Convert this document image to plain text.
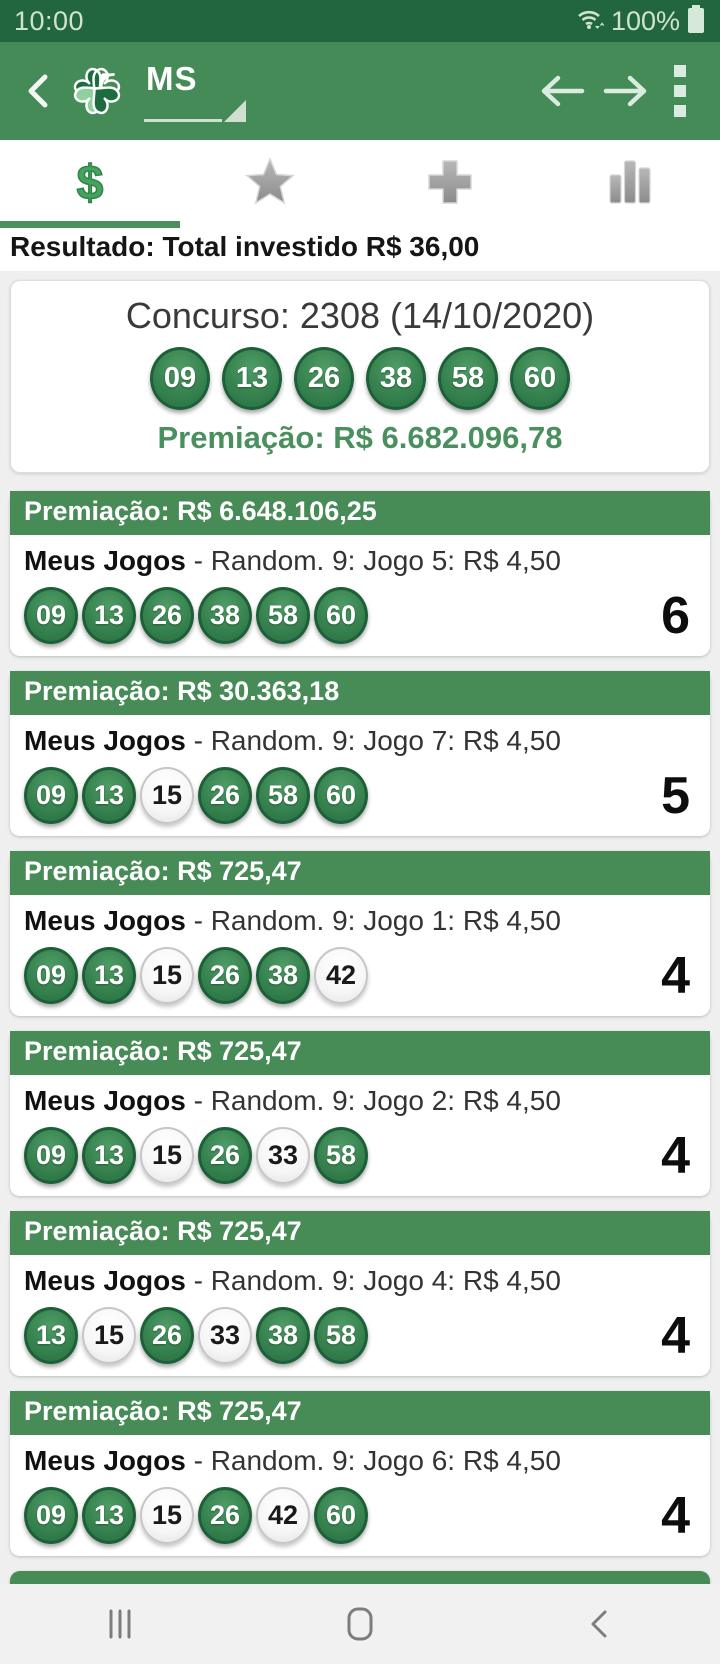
10:00	100%
MS
$
Resultado: Total investido R$ 36,00
Concurso: 2308 (14/10/2020)
09	13	26	38	58	60
Premiação: R$ 6.682.096,78
Premiação: R$ 6.648.106,25
Meus Jogos - Random. 9: Jogo 5: R$ 4,50
09	13	26	38	58	60	6
Premiação: R$ 30.363,18
Meus Jogos - Random. 9: Jogo 7: R$ 4,50
09	13	15	26	58	60	5
Premiação: R$ 725,47
Meus Jogos - Random. 9: Jogo 1: R$ 4,50
09	13	15	26	38	42	4
Premiação: R$ 725,47
Meus Jogos - Random. 9: Jogo 2: R$ 4,50
09	13	15	26	33	58	4
Premiação: R$ 725,47
Meus Jogos - Random. 9: Jogo 4: R$ 4,50
13	15	26	33	38	58	4
Premiação: R$ 725,47
Meus Jogos - Random. 9: Jogo 6: R$ 4,50
09	13	15	26	42	60	4
